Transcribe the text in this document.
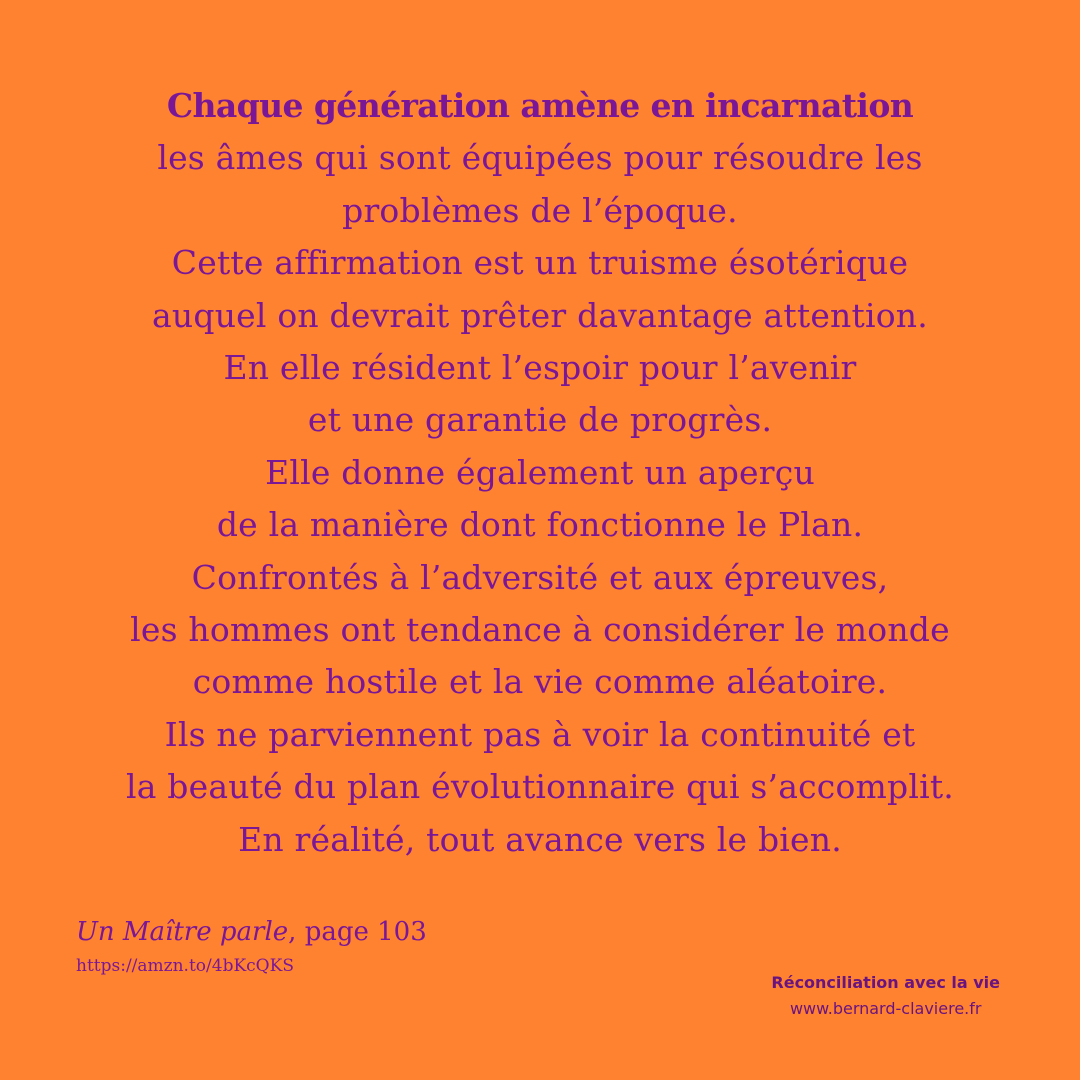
Chaque génération amène en incarnation
les âmes qui sont équipées pour résoudre les
problèmes de l’époque.
Cette affirmation est un truisme ésotérique
auquel on devrait prêter davantage attention.
En elle résident l’espoir pour l’avenir
et une garantie de progrès.
Elle donne également un aperçu
de la manière dont fonctionne le Plan.
Confrontés à l’adversité et aux épreuves,
les hommes ont tendance à considérer le monde
comme hostile et la vie comme aléatoire.
Ils ne parviennent pas à voir la continuité et
la beauté du plan évolutionnaire qui s’accomplit.
En réalité, tout avance vers le bien.
Un Maître parle, page 103
https://amzn.to/4bKcQKS
Réconciliation avec la vie
www.bernard-claviere.fr
